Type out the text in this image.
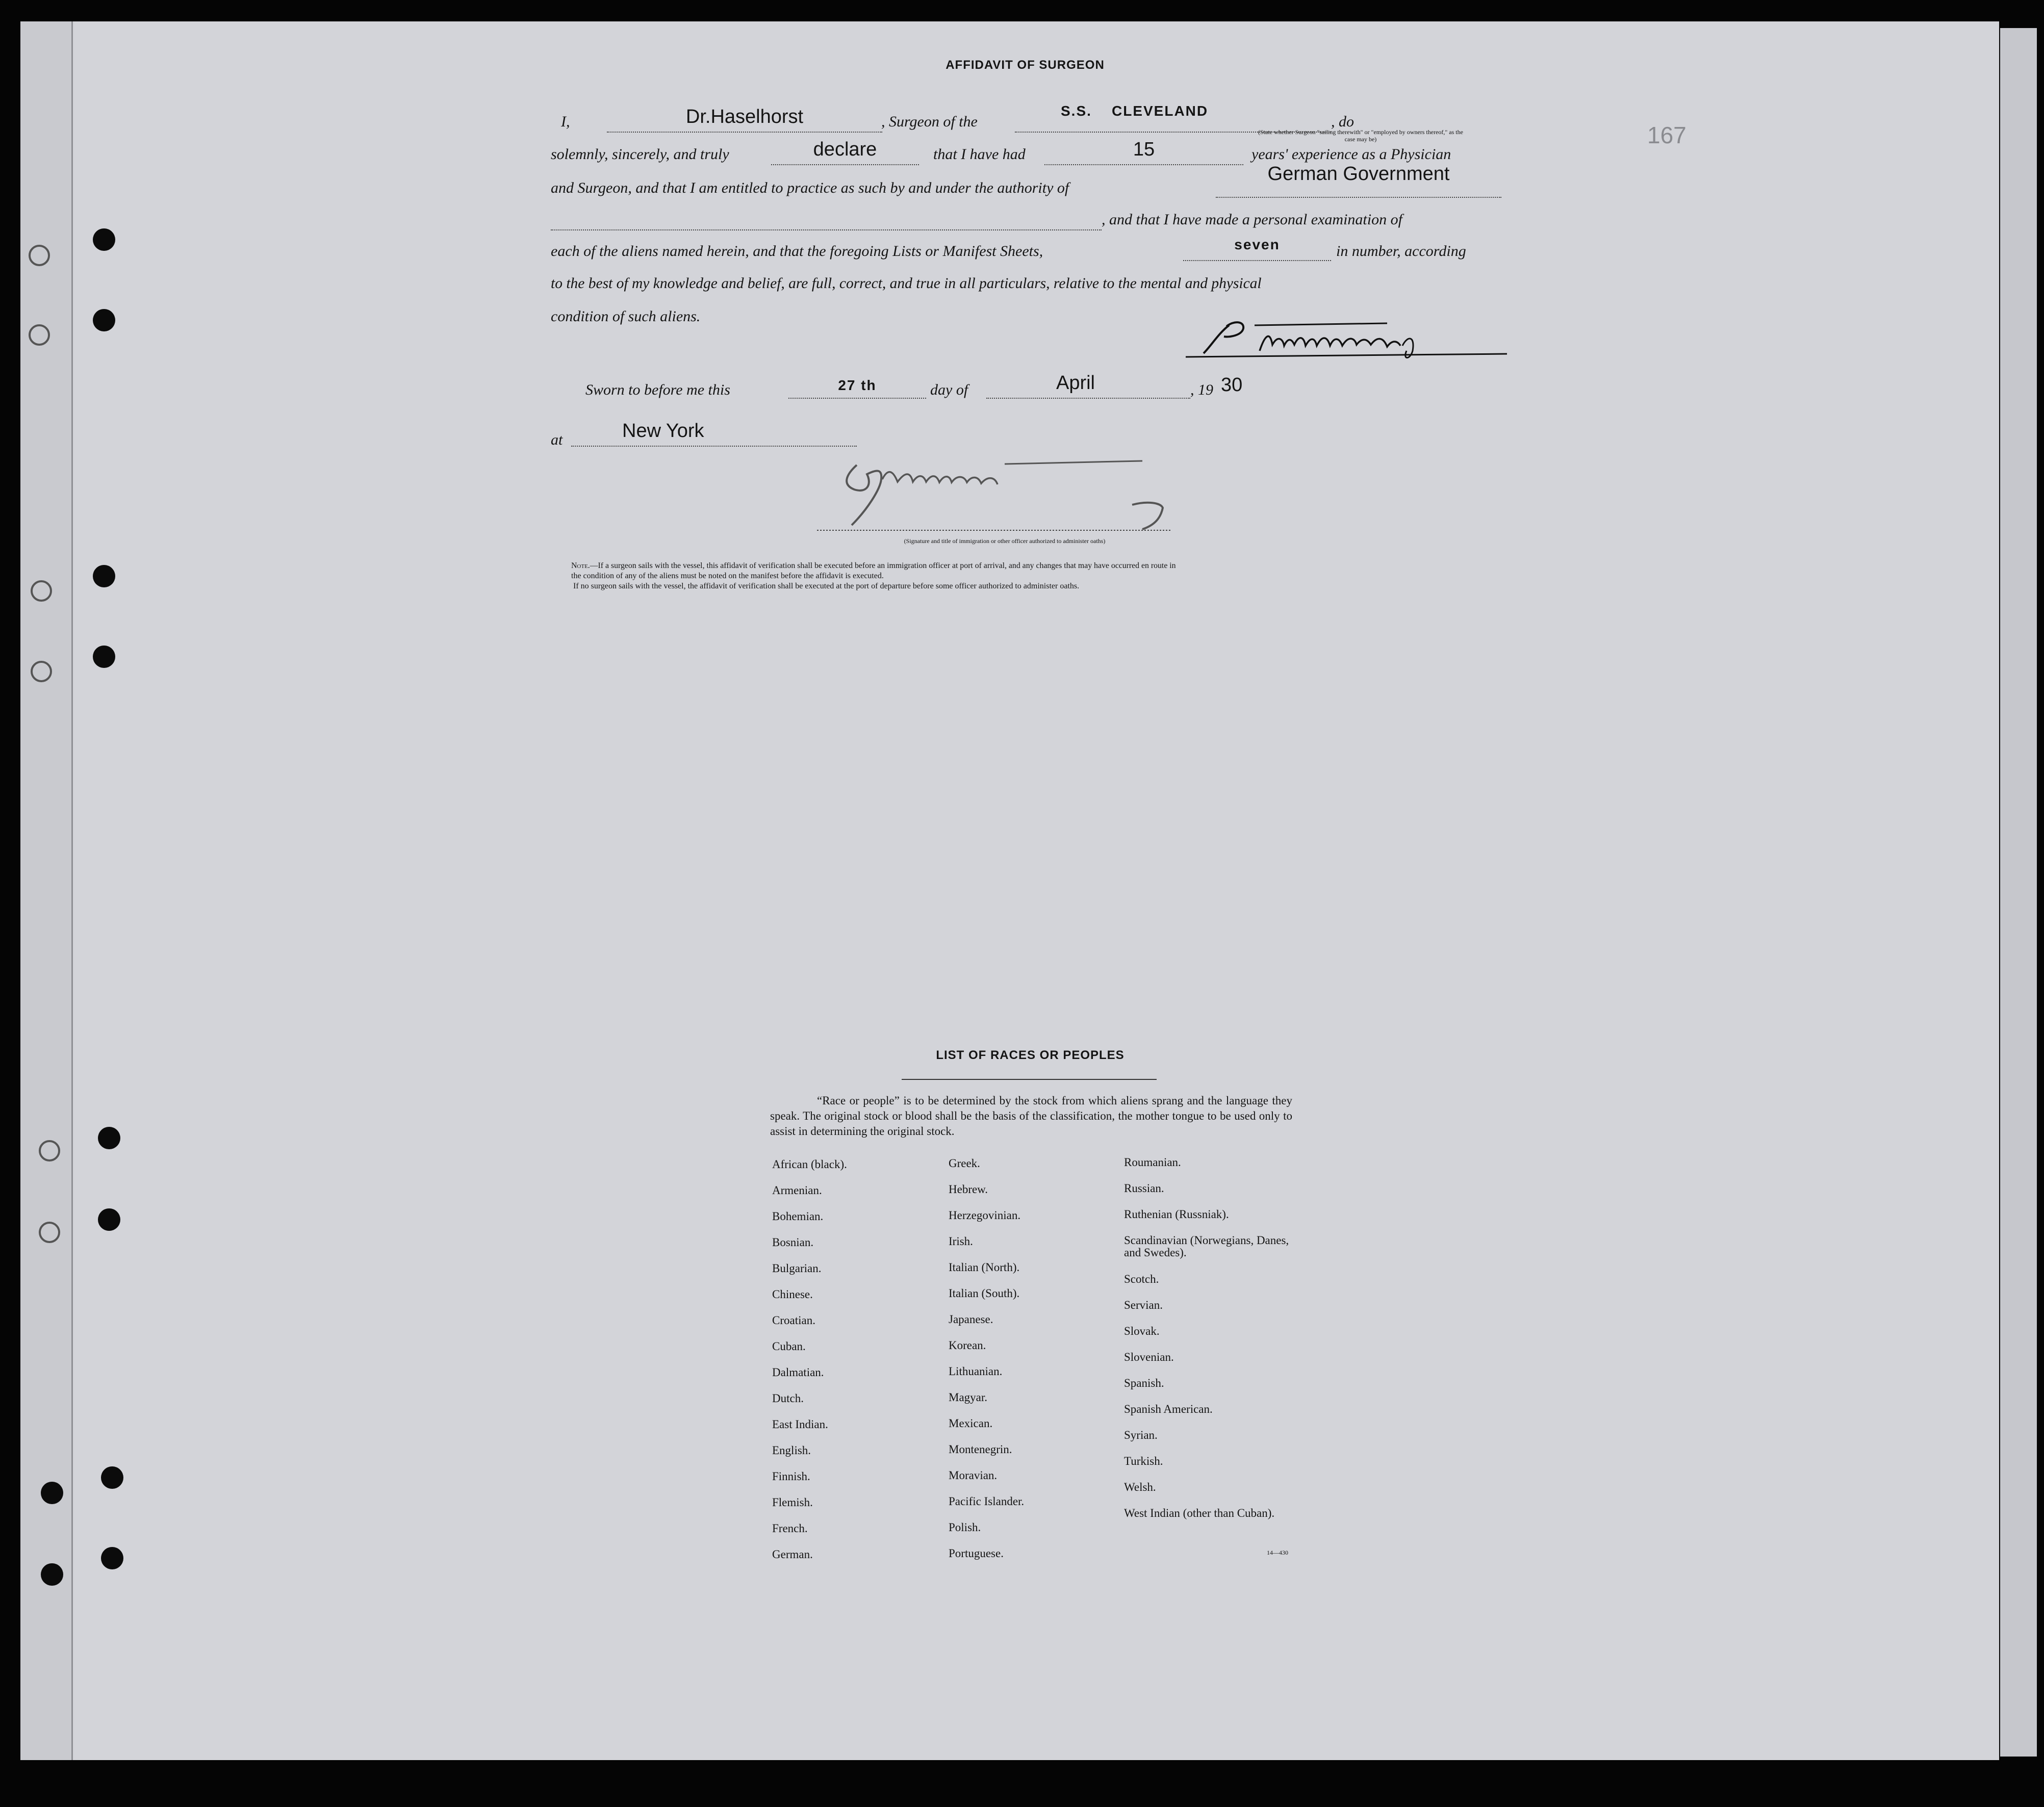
167
AFFIDAVIT OF SURGEON
I,	Dr.Haselhorst	, Surgeon of the
S.S. CLEVELAND
, do
(State whether Surgeon "sailing therewith" or "employed by owners thereof," as the case may be)
solemnly, sincerely, and truly	declare	that I have had	15	years' experience as a Physician
and Surgeon, and that I am entitled to practice as such by and under the authority of
German Government
, and that I have made a personal examination of
each of the aliens named herein, and that the foregoing Lists or Manifest Sheets,	seven	in number, according
to the best of my knowledge and belief, are full, correct, and true in all particulars, relative to the mental and physical
condition of such aliens.
Sworn to before me this	27 th	day of	April	, 19 30
at	New York
(Signature and title of immigration or other officer authorized to administer oaths)
Note.—If a surgeon sails with the vessel, this affidavit of verification shall be executed before an immigration officer at port of arrival, and any changes that may have occurred en route in
the condition of any of the aliens must be noted on the manifest before the affidavit is executed.
If no surgeon sails with the vessel, the affidavit of verification shall be executed at the port of departure before some officer authorized to administer oaths.
LIST OF RACES OR PEOPLES
“Race or people” is to be determined by the stock from which aliens sprang and the language they speak. The original stock or blood shall be the basis of the classification, the mother tongue to be used only to assist in determining the original stock.
African (black).
Armenian.
Bohemian.
Bosnian.
Bulgarian.
Chinese.
Croatian.
Cuban.
Dalmatian.
Dutch.
East Indian.
English.
Finnish.
Flemish.
French.
German.
Greek.
Hebrew.
Herzegovinian.
Irish.
Italian (North).
Italian (South).
Japanese.
Korean.
Lithuanian.
Magyar.
Mexican.
Montenegrin.
Moravian.
Pacific Islander.
Polish.
Portuguese.
Roumanian.
Russian.
Ruthenian (Russniak).
Scandinavian (Norwegians, Danes, and Swedes).
Scotch.
Servian.
Slovak.
Slovenian.
Spanish.
Spanish American.
Syrian.
Turkish.
Welsh.
West Indian (other than Cuban).
14—430
